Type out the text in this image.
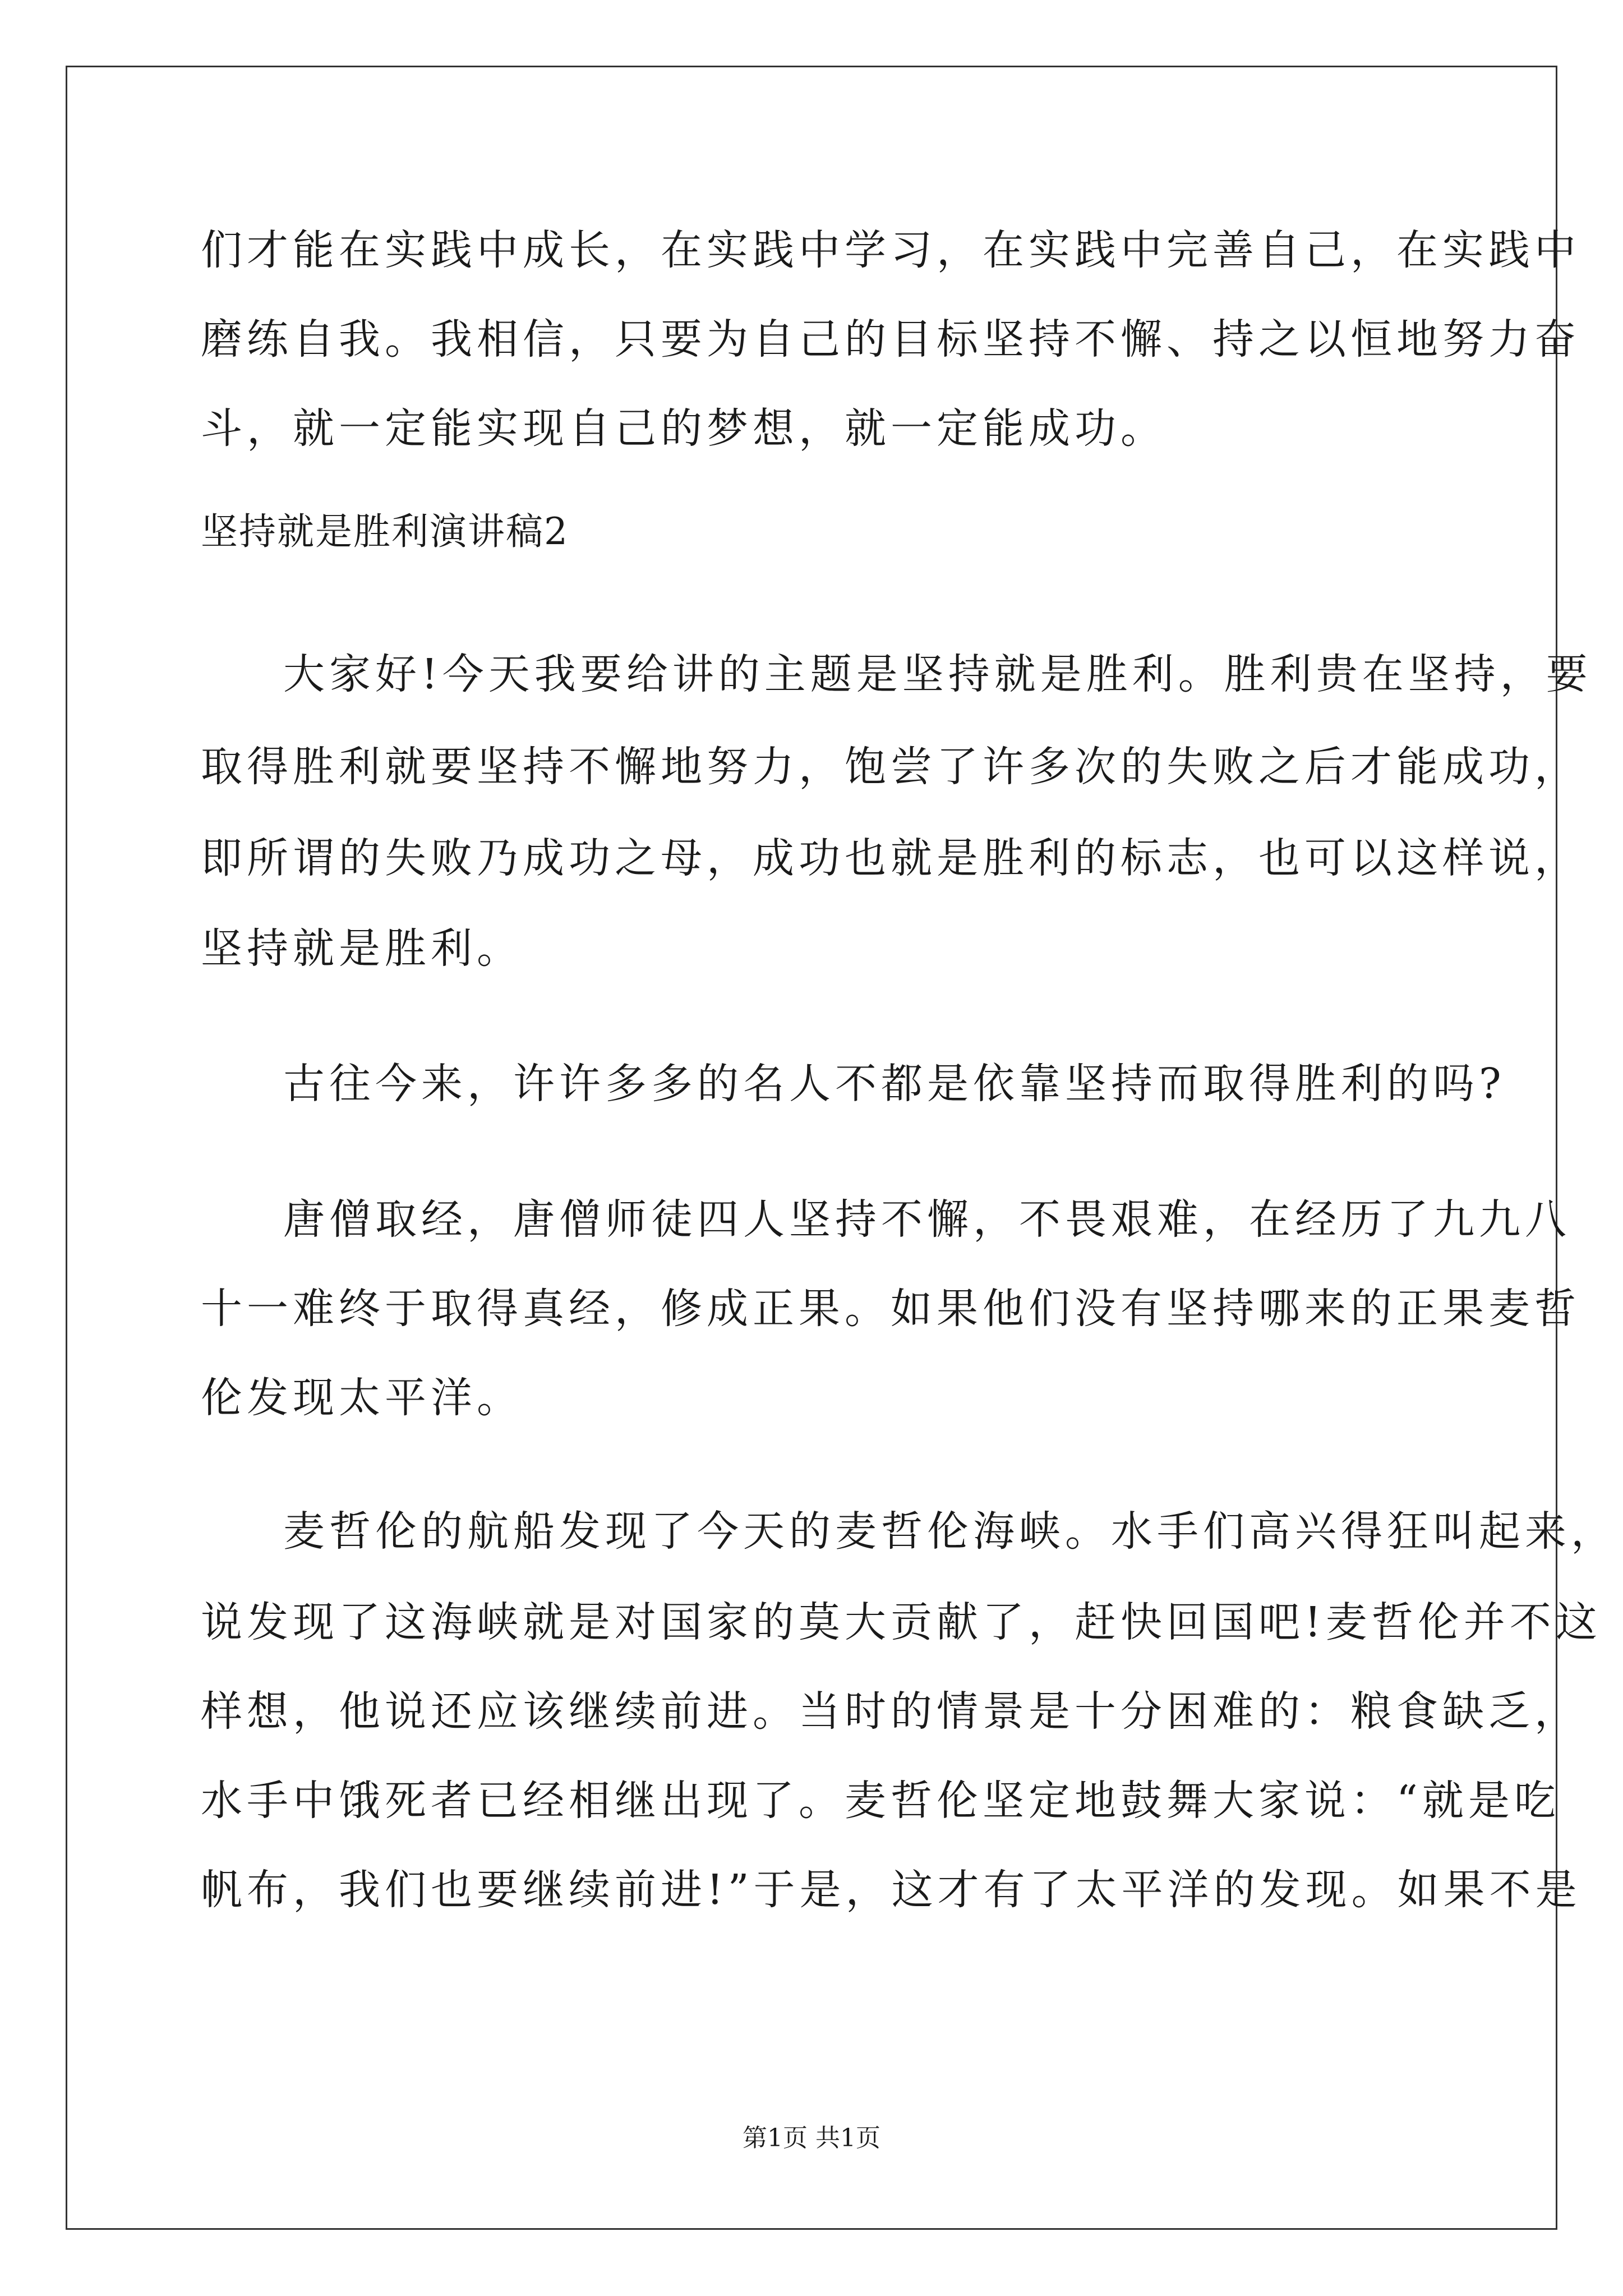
们才能在实践中成长，在实践中学习，在实践中完善自己，在实践中
磨练自我。我相信，只要为自己的目标坚持不懈、持之以恒地努力奋
斗，就一定能实现自己的梦想，就一定能成功。
坚持就是胜利演讲稿2
大家好!今天我要给讲的主题是坚持就是胜利。胜利贵在坚持，要
取得胜利就要坚持不懈地努力，饱尝了许多次的失败之后才能成功，
即所谓的失败乃成功之母，成功也就是胜利的标志，也可以这样说，
坚持就是胜利。
古往今来，许许多多的名人不都是依靠坚持而取得胜利的吗?
唐僧取经，唐僧师徒四人坚持不懈，不畏艰难，在经历了九九八
十一难终于取得真经，修成正果。如果他们没有坚持哪来的正果麦哲
伦发现太平洋。
麦哲伦的航船发现了今天的麦哲伦海峡。水手们高兴得狂叫起来，
说发现了这海峡就是对国家的莫大贡献了，赶快回国吧!麦哲伦并不这
样想，他说还应该继续前进。当时的情景是十分困难的：粮食缺乏，
水手中饿死者已经相继出现了。麦哲伦坚定地鼓舞大家说：“就是吃
帆布，我们也要继续前进!”于是，这才有了太平洋的发现。如果不是
第1页 共1页
